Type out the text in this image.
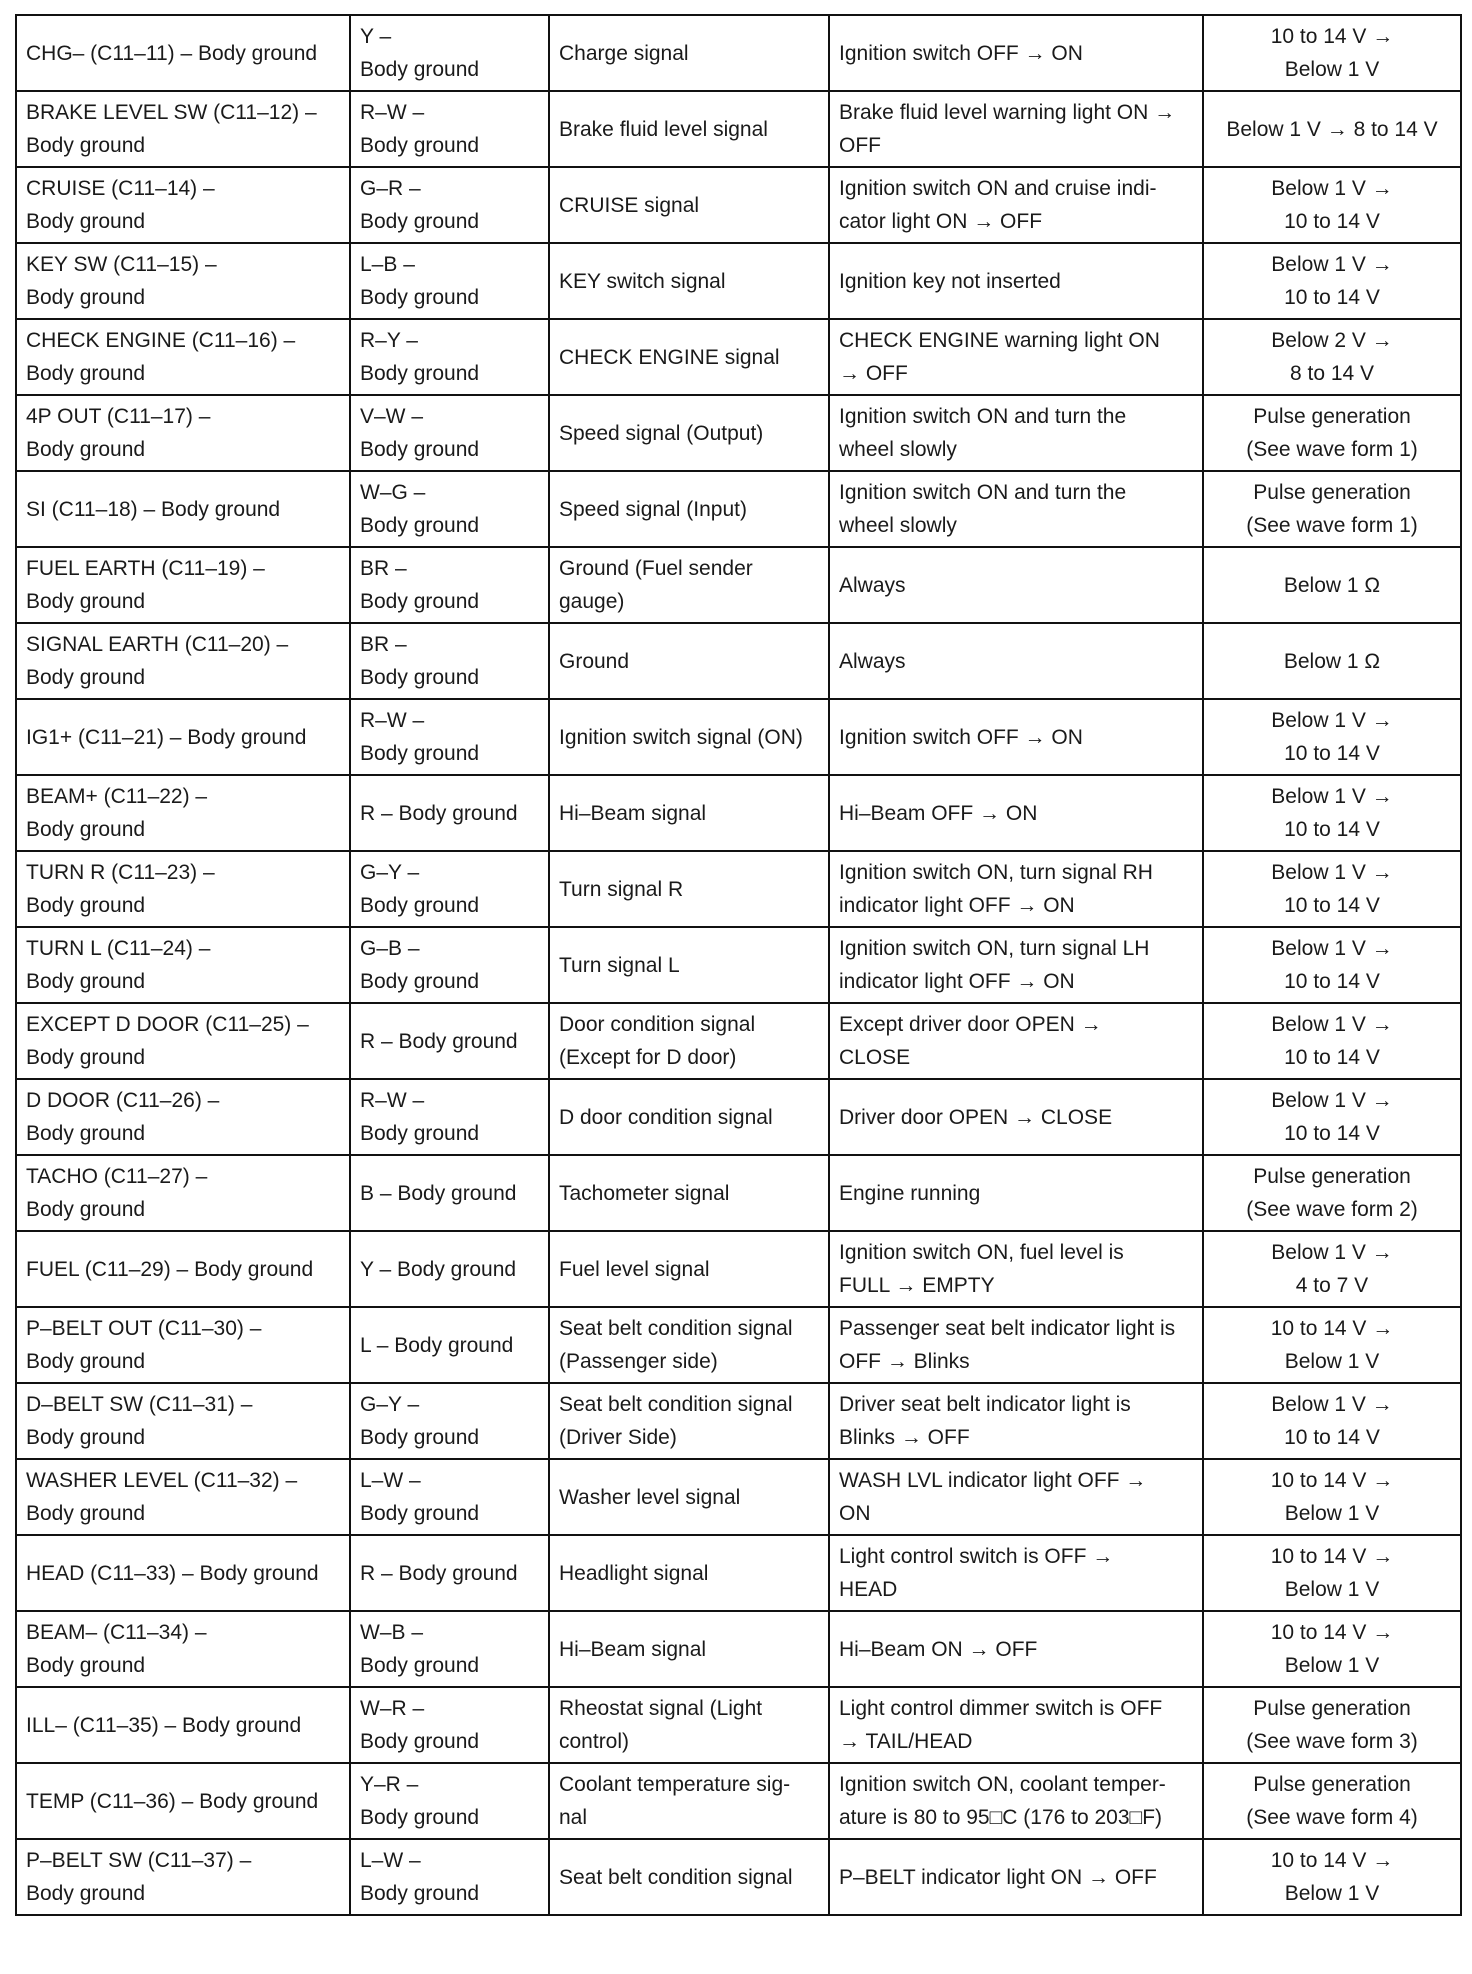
CHG– (C11–11) – Body ground	Y –
Body ground	Charge signal	Ignition switch OFF → ON	10 to 14 V →
Below 1 V
BRAKE LEVEL SW (C11–12) –
Body ground	R–W –
Body ground	Brake fluid level signal	Brake fluid level warning light ON →
OFF	Below 1 V → 8 to 14 V
CRUISE (C11–14) –
Body ground	G–R –
Body ground	CRUISE signal	Ignition switch ON and cruise indi-
cator light ON → OFF	Below 1 V →
10 to 14 V
KEY SW (C11–15) –
Body ground	L–B –
Body ground	KEY switch signal	Ignition key not inserted	Below 1 V →
10 to 14 V
CHECK ENGINE (C11–16) –
Body ground	R–Y –
Body ground	CHECK ENGINE signal	CHECK ENGINE warning light ON
→ OFF	Below 2 V →
8 to 14 V
4P OUT (C11–17) –
Body ground	V–W –
Body ground	Speed signal (Output)	Ignition switch ON and turn the
wheel slowly	Pulse generation
(See wave form 1)
SI (C11–18) – Body ground	W–G –
Body ground	Speed signal (Input)	Ignition switch ON and turn the
wheel slowly	Pulse generation
(See wave form 1)
FUEL EARTH (C11–19) –
Body ground	BR –
Body ground	Ground (Fuel sender
gauge)	Always	Below 1 Ω
SIGNAL EARTH (C11–20) –
Body ground	BR –
Body ground	Ground	Always	Below 1 Ω
IG1+ (C11–21) – Body ground	R–W –
Body ground	Ignition switch signal (ON)	Ignition switch OFF → ON	Below 1 V →
10 to 14 V
BEAM+ (C11–22) –
Body ground	R – Body ground	Hi–Beam signal	Hi–Beam OFF → ON	Below 1 V →
10 to 14 V
TURN R (C11–23) –
Body ground	G–Y –
Body ground	Turn signal R	Ignition switch ON, turn signal RH
indicator light OFF → ON	Below 1 V →
10 to 14 V
TURN L (C11–24) –
Body ground	G–B –
Body ground	Turn signal L	Ignition switch ON, turn signal LH
indicator light OFF → ON	Below 1 V →
10 to 14 V
EXCEPT D DOOR (C11–25) –
Body ground	R – Body ground	Door condition signal
(Except for D door)	Except driver door OPEN →
CLOSE	Below 1 V →
10 to 14 V
D DOOR (C11–26) –
Body ground	R–W –
Body ground	D door condition signal	Driver door OPEN → CLOSE	Below 1 V →
10 to 14 V
TACHO (C11–27) –
Body ground	B – Body ground	Tachometer signal	Engine running	Pulse generation
(See wave form 2)
FUEL (C11–29) – Body ground	Y – Body ground	Fuel level signal	Ignition switch ON, fuel level is
FULL → EMPTY	Below 1 V →
4 to 7 V
P–BELT OUT (C11–30) –
Body ground	L – Body ground	Seat belt condition signal
(Passenger side)	Passenger seat belt indicator light is
OFF → Blinks	10 to 14 V →
Below 1 V
D–BELT SW (C11–31) –
Body ground	G–Y –
Body ground	Seat belt condition signal
(Driver Side)	Driver seat belt indicator light is
Blinks → OFF	Below 1 V →
10 to 14 V
WASHER LEVEL (C11–32) –
Body ground	L–W –
Body ground	Washer level signal	WASH LVL indicator light OFF →
ON	10 to 14 V →
Below 1 V
HEAD (C11–33) – Body ground	R – Body ground	Headlight signal	Light control switch is OFF →
HEAD	10 to 14 V →
Below 1 V
BEAM– (C11–34) –
Body ground	W–B –
Body ground	Hi–Beam signal	Hi–Beam ON → OFF	10 to 14 V →
Below 1 V
ILL– (C11–35) – Body ground	W–R –
Body ground	Rheostat signal (Light
control)	Light control dimmer switch is OFF
→ TAIL/HEAD	Pulse generation
(See wave form 3)
TEMP (C11–36) – Body ground	Y–R –
Body ground	Coolant temperature sig-
nal	Ignition switch ON, coolant temper-
ature is 80 to 95□C (176 to 203□F)	Pulse generation
(See wave form 4)
P–BELT SW (C11–37) –
Body ground	L–W –
Body ground	Seat belt condition signal	P–BELT indicator light ON → OFF	10 to 14 V →
Below 1 V
